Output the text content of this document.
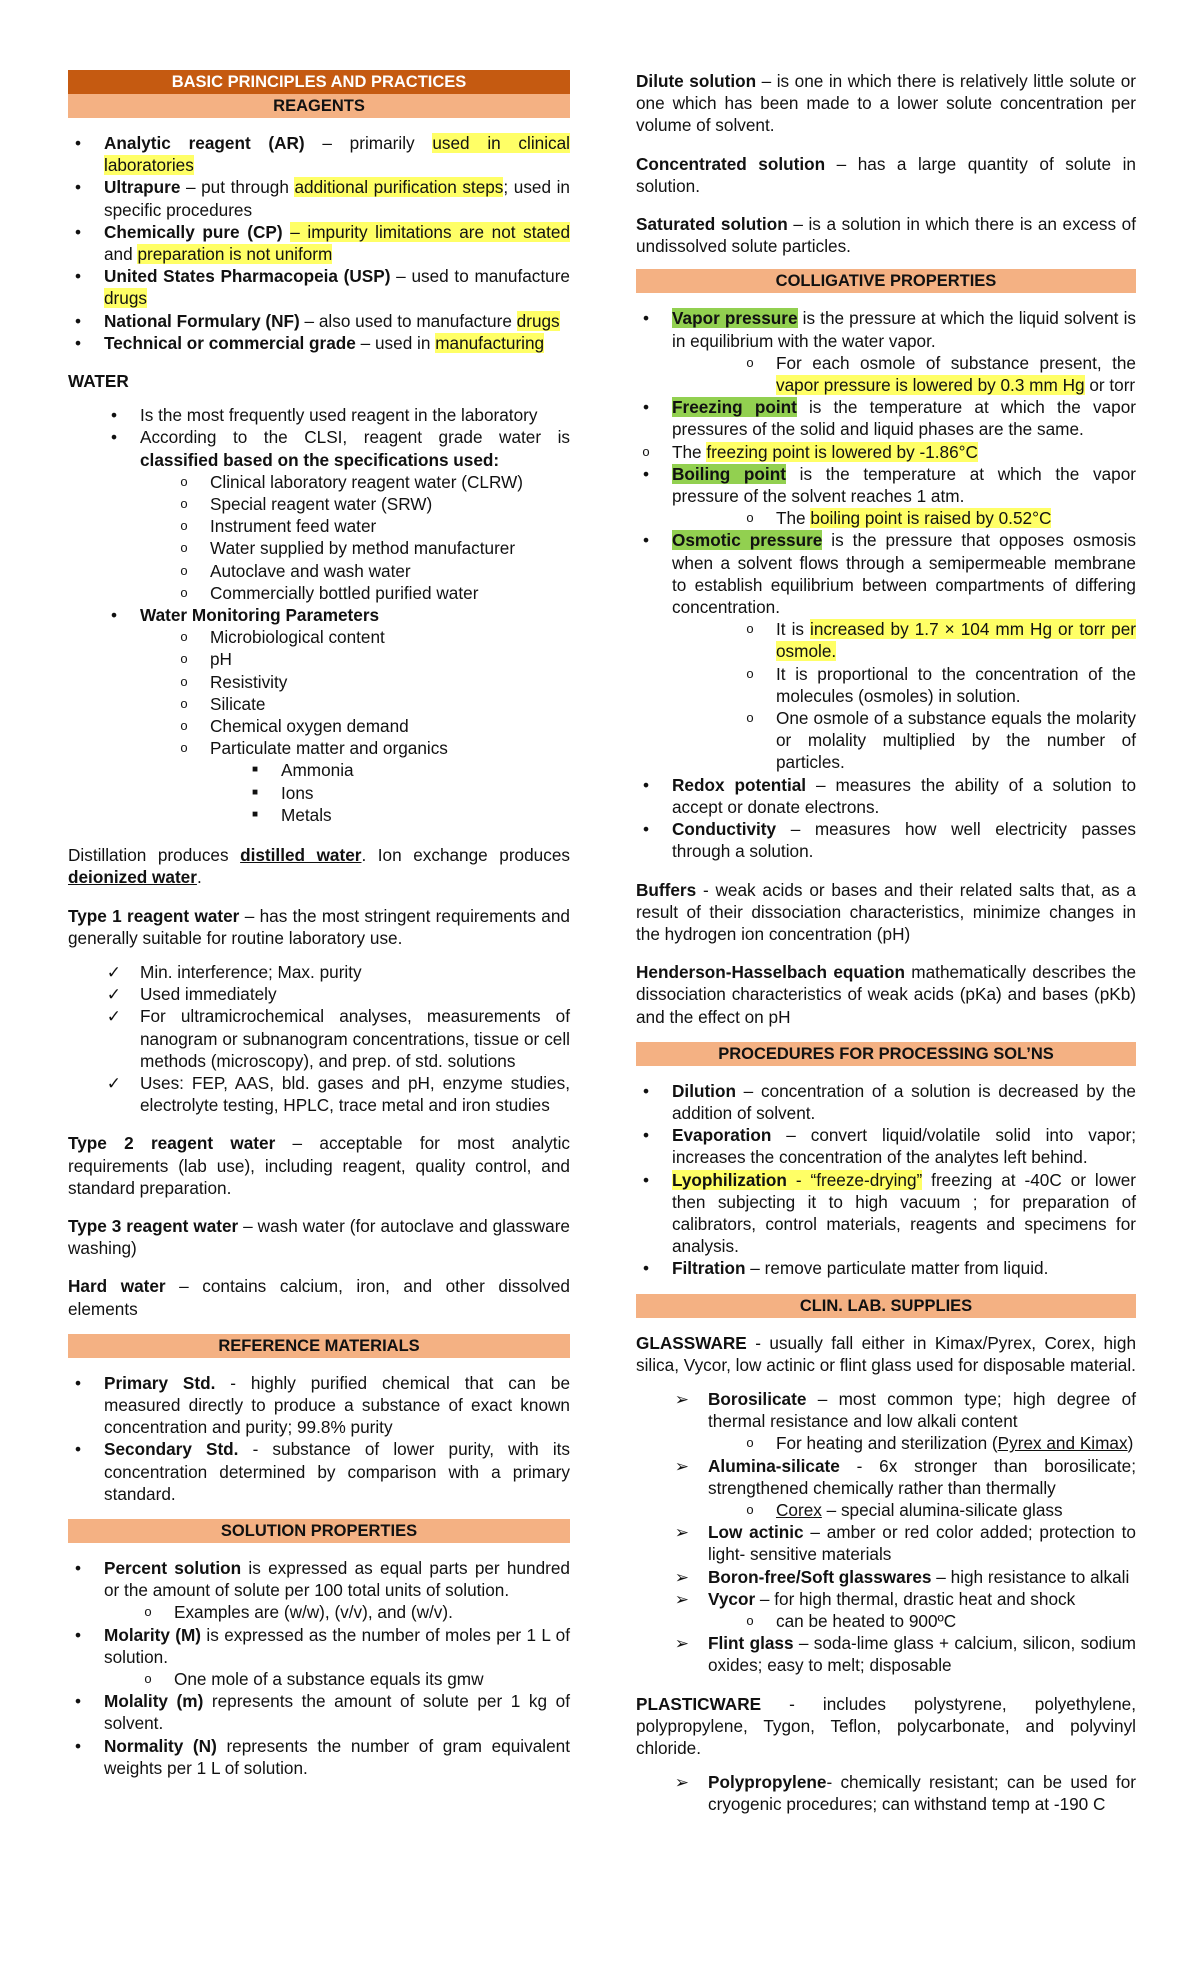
BASIC PRINCIPLES AND PRACTICES
REAGENTS
•	Analytic reagent (AR) – primarily used in clinical laboratories
•	Ultrapure – put through additional purification steps; used in specific procedures
•	Chemically pure (CP) – impurity limitations are not stated and preparation is not uniform
•	United States Pharmacopeia (USP) – used to manufacture drugs
•	National Formulary (NF) – also used to manufacture drugs
•	Technical or commercial grade – used in manufacturing

WATER

•	Is the most frequently used reagent in the laboratory
•	According to the CLSI, reagent grade water is classified based on the specifications used:
o	Clinical laboratory reagent water (CLRW)
o	Special reagent water (SRW)
o	Instrument feed water
o	Water supplied by method manufacturer
o	Autoclave and wash water
o	Commercially bottled purified water
•	Water Monitoring Parameters
o	Microbiological content
o	pH
o	Resistivity
o	Silicate
o	Chemical oxygen demand
o	Particulate matter and organics
■	Ammonia
■	Ions
■	Metals

Distillation produces distilled water. Ion exchange produces deionized water.

Type 1 reagent water – has the most stringent requirements and generally suitable for routine laboratory use.

✓ Min. interference; Max. purity
✓ Used immediately
✓ For ultramicrochemical analyses, measurements of nanogram or subnanogram concentrations, tissue or cell methods (microscopy), and prep. of std. solutions
✓ Uses: FEP, AAS, bld. gases and pH, enzyme studies, electrolyte testing, HPLC, trace metal and iron studies

Type 2 reagent water – acceptable for most analytic requirements (lab use), including reagent, quality control, and standard preparation.

Type 3 reagent water – wash water (for autoclave and glassware washing)

Hard water – contains calcium, iron, and other dissolved elements

REFERENCE MATERIALS
•	Primary Std. - highly purified chemical that can be measured directly to produce a substance of exact known concentration and purity; 99.8% purity
•	Secondary Std. - substance of lower purity, with its concentration determined by comparison with a primary standard.
SOLUTION PROPERTIES
•	Percent solution is expressed as equal parts per hundred or the amount of solute per 100 total units of solution.
o	Examples are (w/w), (v/v), and (w/v).
•	Molarity (M) is expressed as the number of moles per 1 L of solution.
o	One mole of a substance equals its gmw
•	Molality (m) represents the amount of solute per 1 kg of solvent.
•	Normality (N) represents the number of gram equivalent weights per 1 L of solution.

Dilute solution – is one in which there is relatively little solute or one which has been made to a lower solute concentration per volume of solvent.

Concentrated solution – has a large quantity of solute in solution.

Saturated solution – is a solution in which there is an excess of undissolved solute particles.

COLLIGATIVE PROPERTIES
•	Vapor pressure is the pressure at which the liquid solvent is in equilibrium with the water vapor.
o	For each osmole of substance present, the vapor pressure is lowered by 0.3 mm Hg or torr
•	Freezing point is the temperature at which the vapor pressures of the solid and liquid phases are the same.
o	The freezing point is lowered by -1.86°C
•	Boiling point is the temperature at which the vapor pressure of the solvent reaches 1 atm.
o	The boiling point is raised by 0.52°C
•	Osmotic pressure is the pressure that opposes osmosis when a solvent flows through a semipermeable membrane to establish equilibrium between compartments of differing concentration.
o	It is increased by 1.7 × 104 mm Hg or torr per osmole.
o	It is proportional to the concentration of the molecules (osmoles) in solution.
o	One osmole of a substance equals the molarity or molality multiplied by the number of particles.
•	Redox potential – measures the ability of a solution to accept or donate electrons.
•	Conductivity – measures how well electricity passes through a solution.

Buffers - weak acids or bases and their related salts that, as a result of their dissociation characteristics, minimize changes in the hydrogen ion concentration (pH)

Henderson-Hasselbach equation mathematically describes the dissociation characteristics of weak acids (pKa) and bases (pKb) and the effect on pH

PROCEDURES FOR PROCESSING SOL’NS
•	Dilution – concentration of a solution is decreased by the addition of solvent.
•	Evaporation – convert liquid/volatile solid into vapor; increases the concentration of the analytes left behind.
•	Lyophilization - “freeze-drying” freezing at -40C or lower then subjecting it to high vacuum ; for preparation of calibrators, control materials, reagents and specimens for analysis.
•	Filtration – remove particulate matter from liquid.
CLIN. LAB. SUPPLIES

GLASSWARE - usually fall either in Kimax/Pyrex, Corex, high silica, Vycor, low actinic or flint glass used for disposable material.

➢ Borosilicate – most common type; high degree of thermal resistance and low alkali content
o	For heating and sterilization (Pyrex and Kimax)
➢ Alumina-silicate - 6x stronger than borosilicate; strengthened chemically rather than thermally
o	Corex – special alumina-silicate glass
➢ Low actinic – amber or red color added; protection to light- sensitive materials
➢ Boron-free/Soft glasswares – high resistance to alkali
➢ Vycor – for high thermal, drastic heat and shock
o	can be heated to 900ºC
➢ Flint glass – soda-lime glass + calcium, silicon, sodium oxides; easy to melt; disposable

PLASTICWARE - includes polystyrene, polyethylene, polypropylene, Tygon, Teflon, polycarbonate, and polyvinyl chloride.

➢ Polypropylene- chemically resistant; can be used for cryogenic procedures; can withstand temp at -190 C
